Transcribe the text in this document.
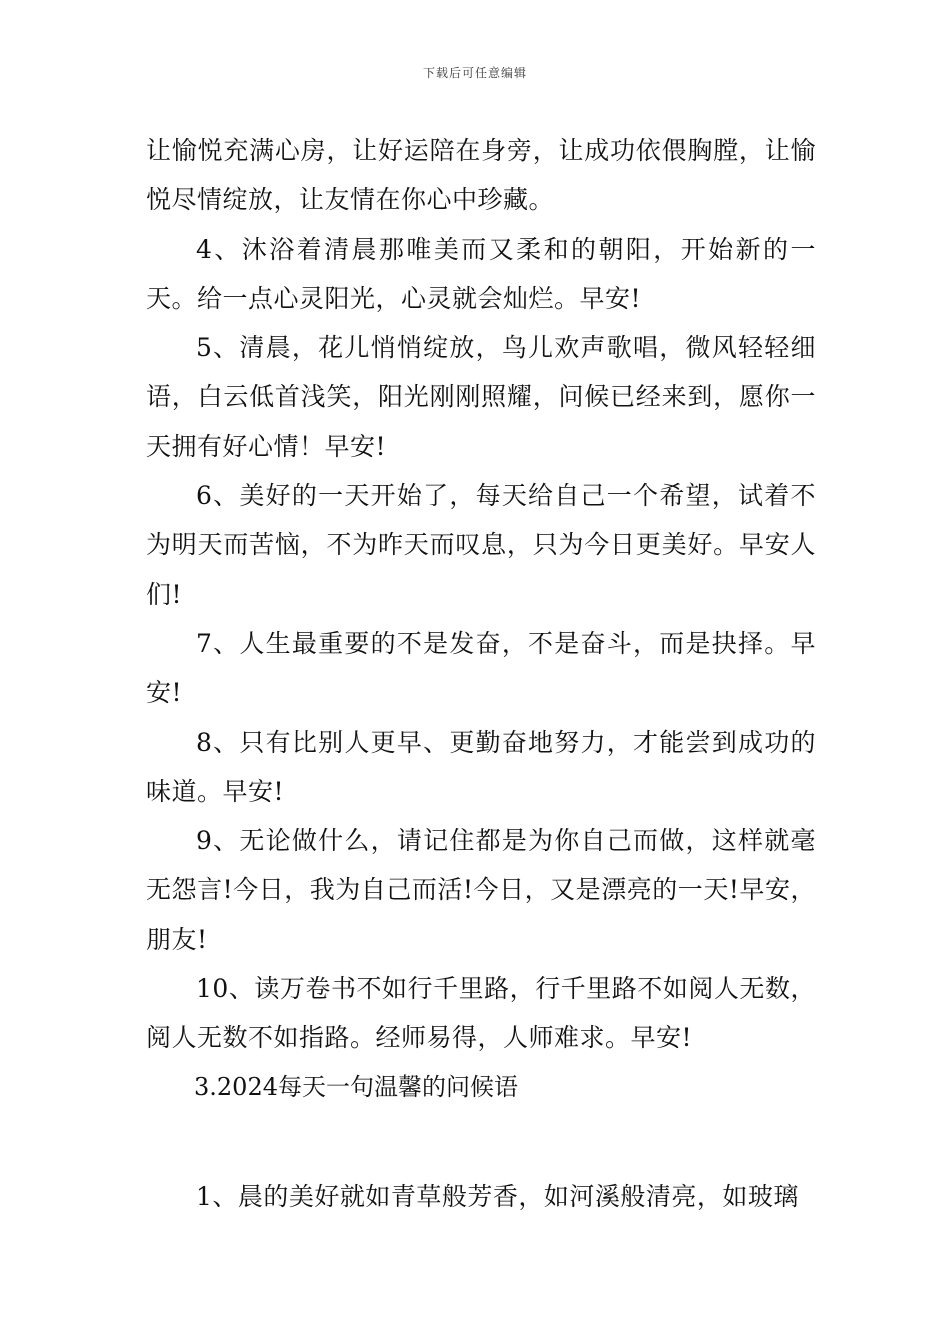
下载后可任意编辑

让愉悦充满心房，让好运陪在身旁，让成功依偎胸膛，让愉悦尽情绽放，让友情在你心中珍藏。

4、沐浴着清晨那唯美而又柔和的朝阳，开始新的一天。给一点心灵阳光，心灵就会灿烂。早安!

5、清晨，花儿悄悄绽放，鸟儿欢声歌唱，微风轻轻细语，白云低首浅笑，阳光刚刚照耀，问候已经来到，愿你一天拥有好心情！早安!

6、美好的一天开始了，每天给自己一个希望，试着不为明天而苦恼，不为昨天而叹息，只为今日更美好。早安人们!

7、人生最重要的不是发奋，不是奋斗，而是抉择。早安!

8、只有比别人更早、更勤奋地努力，才能尝到成功的味道。早安!

9、无论做什么，请记住都是为你自己而做，这样就毫无怨言!今日，我为自己而活!今日，又是漂亮的一天!早安，朋友!

10、读万卷书不如行千里路，行千里路不如阅人无数，阅人无数不如指路。经师易得，人师难求。早安!

3.2024每天一句温馨的问候语

1、晨的美好就如青草般芳香，如河溪般清亮，如玻璃
